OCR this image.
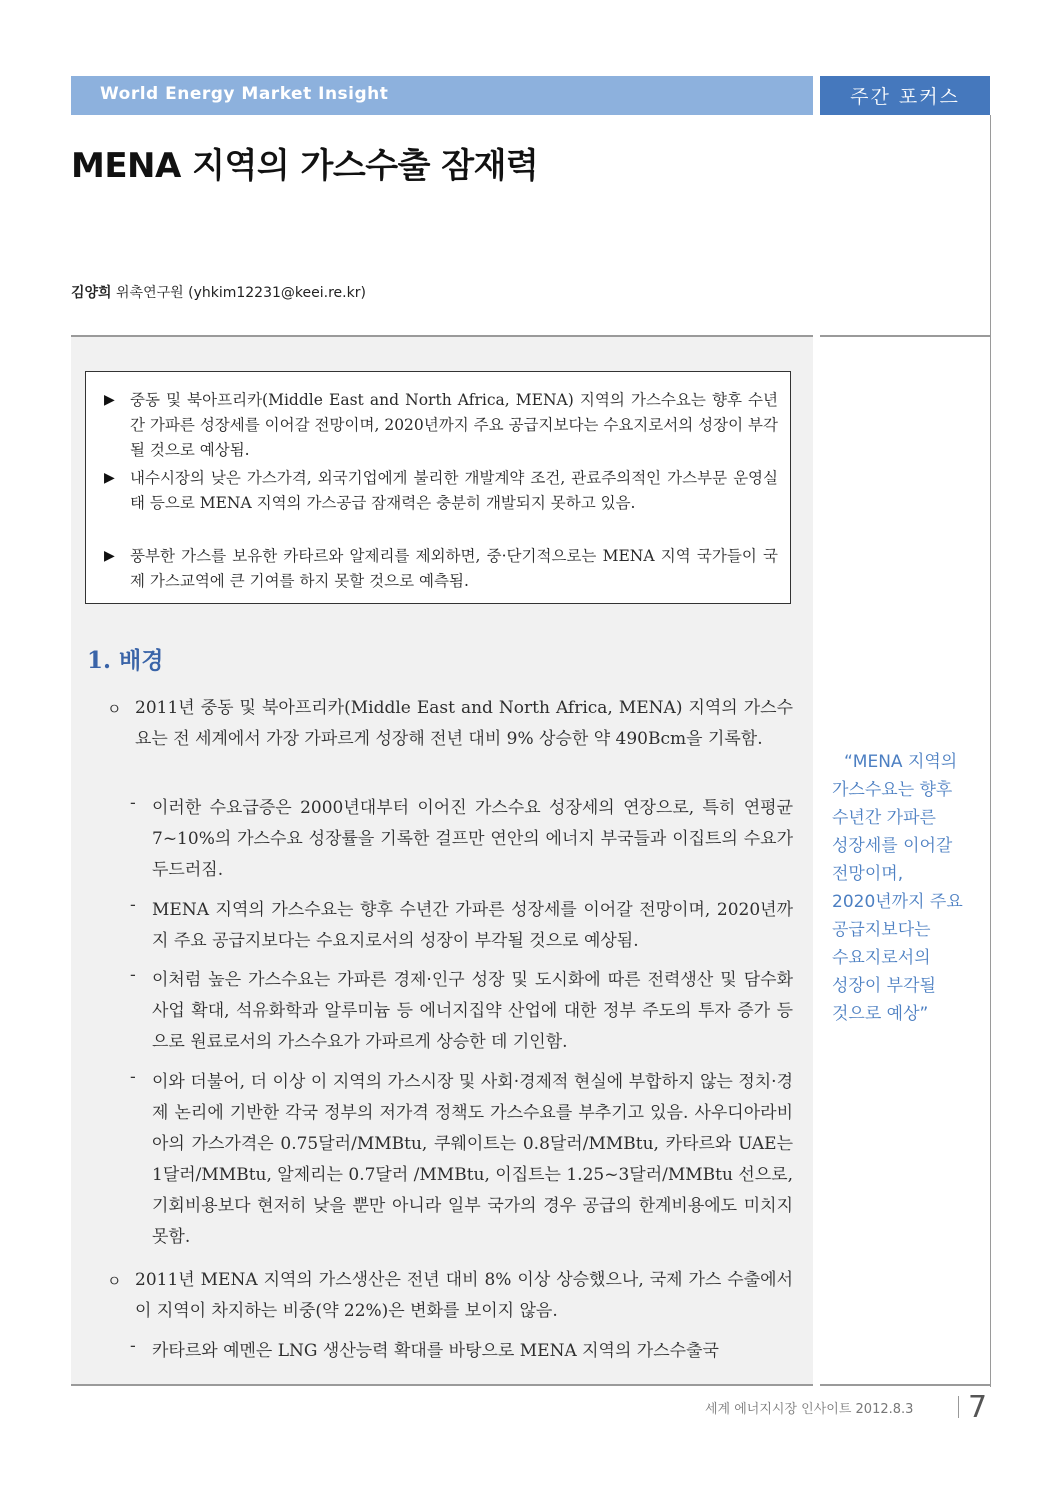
World Energy Market Insight	주간 포커스
MENA 지역의 가스수출 잠재력
김양희 위촉연구원 (yhkim12231@keei.re.kr)
▶ 중동 및 북아프리카(Middle East and North Africa, MENA) 지역의 가스수요는 향후 수년간 가파른 성장세를 이어갈 전망이며, 2020년까지 주요 공급지보다는 수요지로서의 성장이 부각될 것으로 예상됨.
▶ 내수시장의 낮은 가스가격, 외국기업에게 불리한 개발계약 조건, 관료주의적인 가스부문 운영실태 등으로 MENA 지역의 가스공급 잠재력은 충분히 개발되지 못하고 있음.
▶ 풍부한 가스를 보유한 카타르와 알제리를 제외하면, 중·단기적으로는 MENA 지역 국가들이 국제 가스교역에 큰 기여를 하지 못할 것으로 예측됨.
1. 배경
ㅇ 2011년 중동 및 북아프리카(Middle East and North Africa, MENA) 지역의 가스수요는 전 세계에서 가장 가파르게 성장해 전년 대비 9% 상승한 약 490Bcm을 기록함.
- 이러한 수요급증은 2000년대부터 이어진 가스수요 성장세의 연장으로, 특히 연평균 7~10%의 가스수요 성장률을 기록한 걸프만 연안의 에너지 부국들과 이집트의 수요가 두드러짐.
- MENA 지역의 가스수요는 향후 수년간 가파른 성장세를 이어갈 전망이며, 2020년까지 주요 공급지보다는 수요지로서의 성장이 부각될 것으로 예상됨.
- 이처럼 높은 가스수요는 가파른 경제·인구 성장 및 도시화에 따른 전력생산 및 담수화 사업 확대, 석유화학과 알루미늄 등 에너지집약 산업에 대한 정부 주도의 투자 증가 등으로 원료로서의 가스수요가 가파르게 상승한 데 기인함.
- 이와 더불어, 더 이상 이 지역의 가스시장 및 사회·경제적 현실에 부합하지 않는 정치·경제 논리에 기반한 각국 정부의 저가격 정책도 가스수요를 부추기고 있음. 사우디아라비아의 가스가격은 0.75달러/MMBtu, 쿠웨이트는 0.8달러/MMBtu, 카타르와 UAE는 1달러/MMBtu, 알제리는 0.7달러 /MMBtu, 이집트는 1.25~3달러/MMBtu 선으로, 기회비용보다 현저히 낮을 뿐만 아니라 일부 국가의 경우 공급의 한계비용에도 미치지 못함.
ㅇ 2011년 MENA 지역의 가스생산은 전년 대비 8% 이상 상승했으나, 국제 가스 수출에서 이 지역이 차지하는 비중(약 22%)은 변화를 보이지 않음.
- 카타르와 예멘은 LNG 생산능력 확대를 바탕으로 MENA 지역의 가스수출국
“MENA 지역의
가스수요는 향후
수년간 가파른
성장세를 이어갈
전망이며,
2020년까지 주요
공급지보다는
수요지로서의
성장이 부각될
것으로 예상”
세계 에너지시장 인사이트 2012.8.3 7
